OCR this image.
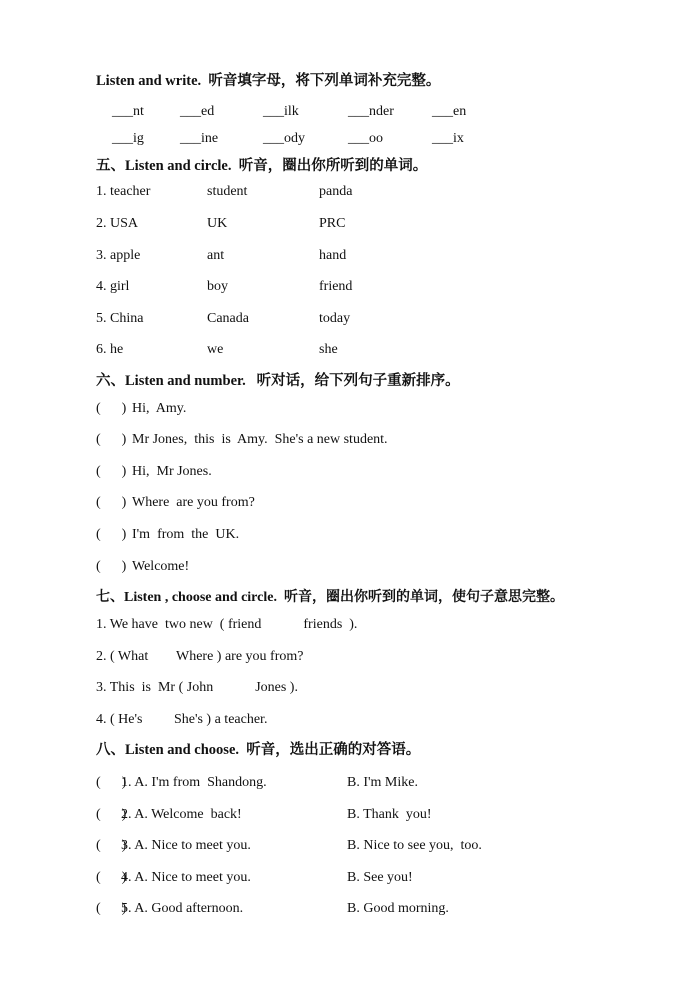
Listen and write.  听音填字母，将下列单词补充完整。
___nt	___ed	___ilk	___nder	___en
___ig	___ine	___ody	___oo	___ix
五、Listen and circle.  听音，圈出你所听到的单词。
1. teacher	student	panda
2. USA	UK	PRC
3. apple	ant	hand
4. girl	boy	friend
5. China	Canada	today
6. he	we	she
六、Listen and number.   听对话，给下列句子重新排序。
(      ) Hi,  Amy.
(      ) Mr Jones,  this  is  Amy.  She's a new student.
(      ) Hi,  Mr Jones.
(      ) Where  are you from?
(      ) I'm  from  the  UK.
(      ) Welcome!
七、Listen , choose and circle.  听音，圈出你听到的单词，使句子意思完整。
1. We have  two new  ( friend            friends  ).
2. ( What        Where ) are you from?
3. This  is  Mr ( John            Jones ).
4. ( He's         She's ) a teacher.
八、Listen and choose.  听音，选出正确的对答语。
(      )
1. A. I'm from  Shandong.	B. I'm Mike.
(      )
2. A. Welcome  back!	B. Thank  you!
(      )
3. A. Nice to meet you.	B. Nice to see you,  too.
(      )
4. A. Nice to meet you.	B. See you!
(      )
5. A. Good afternoon.	B. Good morning.
